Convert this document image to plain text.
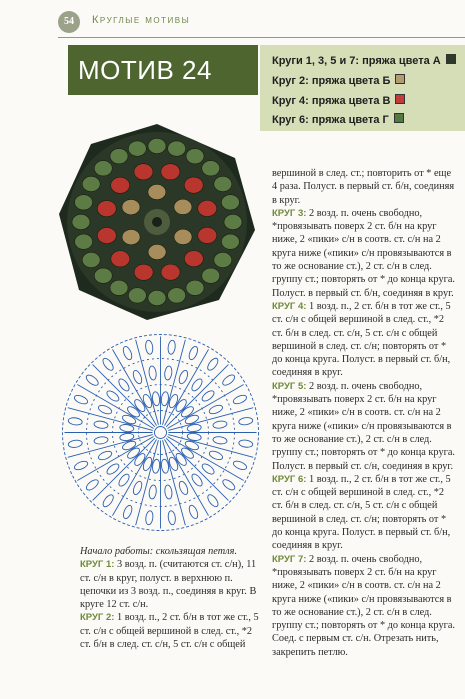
54	Круглые мотивы
МОТИВ 24	Круги 1, 3, 5 и 7: пряжа цвета А
Круг 2: пряжа цвета Б
Круг 4: пряжа цвета В
Круг 6: пряжа цвета Г

Начало работы: скользящая петля.

КРУГ 1: 3 возд. п. (считаются ст. с/н), 11 ст. с/н в круг, полуст. в верхнюю п. цепочки из 3 возд. п., соединяя в круг. В круге 12 ст. с/н.

КРУГ 2: 1 возд. п., 2 ст. б/н в тот же ст., 5 ст. с/н с общей вершиной в след. ст., *2 ст. б/н в след. ст. с/н, 5 ст. с/н с общей

вершиной в след. ст.; повторить от * еще 4 раза. Полуст. в первый ст. б/н, соединяя в круг.

КРУГ 3: 2 возд. п. очень свободно, *провязывать поверх 2 ст. б/н на круг ниже, 2 «пики» с/н в соотв. ст. с/н на 2 круга ниже («пики» с/н провязываются в то же основание ст.), 2 ст. с/н в след. группу ст.; повторять от * до конца круга. Полуст. в первый ст. б/н, соединяя в круг.

КРУГ 4: 1 возд. п., 2 ст. б/н в тот же ст., 5 ст. с/н с общей вершиной в след. ст., *2 ст. б/н в след. ст. с/н, 5 ст. с/н с общей вершиной в след. ст. с/н; повторять от * до конца круга. Полуст. в первый ст. б/н, соединяя в круг.

КРУГ 5: 2 возд. п. очень свободно, *провязывать поверх 2 ст. б/н на круг ниже, 2 «пики» с/н в соотв. ст. с/н на 2 круга ниже («пики» с/н провязываются в то же основание ст.), 2 ст. с/н в след. группу ст.; повторять от * до конца круга. Полуст. в первый ст. с/н, соединяя в круг.

КРУГ 6: 1 возд. п., 2 ст. б/н в тот же ст., 5 ст. с/н с общей вершиной в след. ст., *2 ст. б/н в след. ст. с/н, 5 ст. с/н с общей вершиной в след. ст. с/н; повторять от * до конца круга. Полуст. в первый ст. б/н, соединяя в круг.

КРУГ 7: 2 возд. п. очень свободно, *провязывать поверх 2 ст. б/н на круг ниже, 2 «пики» с/н в соотв. ст. с/н на 2 круга ниже («пики» с/н провязываются в то же основание ст.), 2 ст. с/н в след. группу ст.; повторять от * до конца круга. Соед. с первым ст. с/н. Отрезать нить, закрепить петлю.
